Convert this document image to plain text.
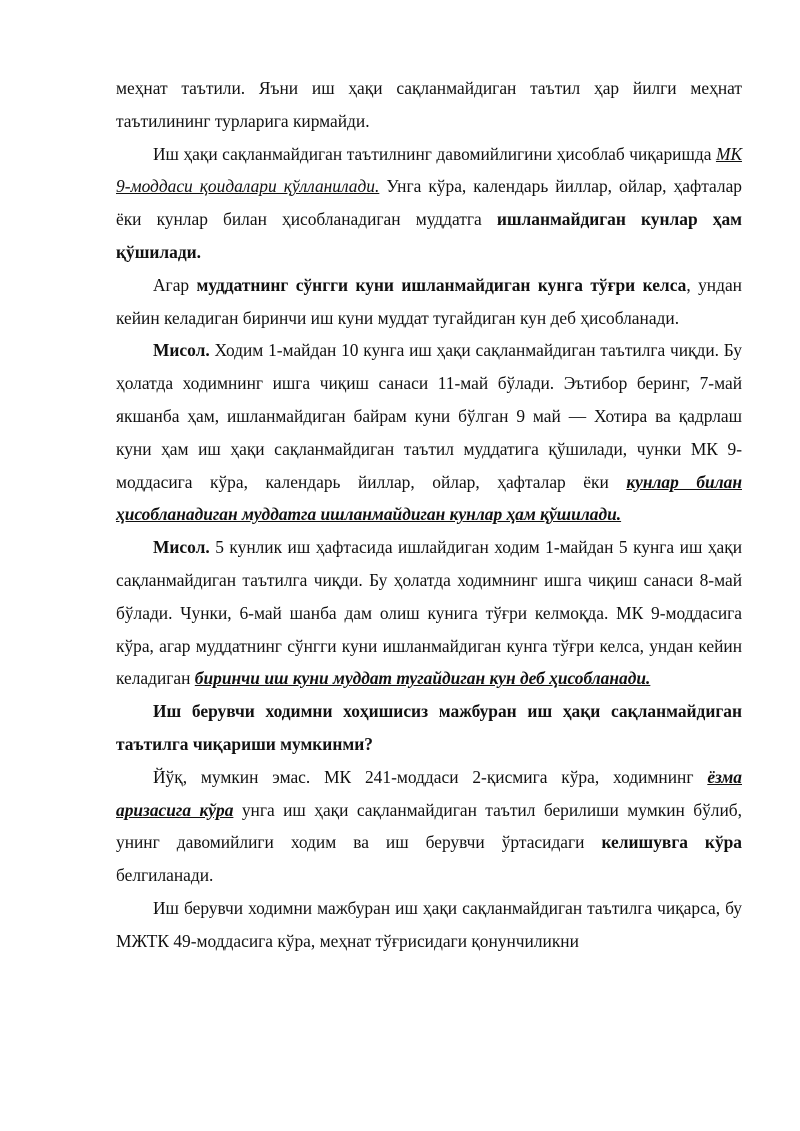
меҳнат таътили. Яъни иш ҳақи сақланмайдиган таътил ҳар йилги меҳнат таътилининг турларига кирмайди.

Иш ҳақи сақланмайдиган таътилнинг давомийлигини ҳисоблаб чиқаришда МК 9-моддаси қоидалари қўлланилади. Унга кўра, календарь йиллар, ойлар, ҳафталар ёки кунлар билан ҳисобланадиган муддатга ишланмайдиган кунлар ҳам қўшилади.

Агар муддатнинг сўнгги куни ишланмайдиган кунга тўғри келса, ундан кейин келадиган биринчи иш куни муддат тугайдиган кун деб ҳисобланади.

Мисол. Ходим 1-майдан 10 кунга иш ҳақи сақланмайдиган таътилга чиқди. Бу ҳолатда ходимнинг ишга чиқиш санаси 11-май бўлади. Эътибор беринг, 7-май якшанба ҳам, ишланмайдиган байрам куни бўлган 9 май — Хотира ва қадрлаш куни ҳам иш ҳақи сақланмайдиган таътил муддатига қўшилади, чунки МК 9-моддасига кўра, календарь йиллар, ойлар, ҳафталар ёки кунлар билан ҳисобланадиган муддатга ишланмайдиган кунлар ҳам қўшилади.

Мисол. 5 кунлик иш ҳафтасида ишлайдиган ходим 1-майдан 5 кунга иш ҳақи сақланмайдиган таътилга чиқди. Бу ҳолатда ходимнинг ишга чиқиш санаси 8-май бўлади. Чунки, 6-май шанба дам олиш кунига тўғри келмоқда. МК 9-моддасига кўра, агар муддатнинг сўнгги куни ишланмайдиган кунга тўғри келса, ундан кейин келадиган биринчи иш куни муддат тугайдиган кун деб ҳисобланади.

Иш берувчи ходимни хоҳишисиз мажбуран иш ҳақи сақланмайдиган таътилга чиқариши мумкинми?

Йўқ, мумкин эмас. МК 241-моддаси 2-қисмига кўра, ходимнинг ёзма аризасига кўра унга иш ҳақи сақланмайдиган таътил берилиши мумкин бўлиб, унинг давомийлиги ходим ва иш берувчи ўртасидаги келишувга кўра белгиланади.

Иш берувчи ходимни мажбуран иш ҳақи сақланмайдиган таътилга чиқарса, бу МЖТК 49-моддасига кўра, меҳнат тўғрисидаги қонунчиликни
